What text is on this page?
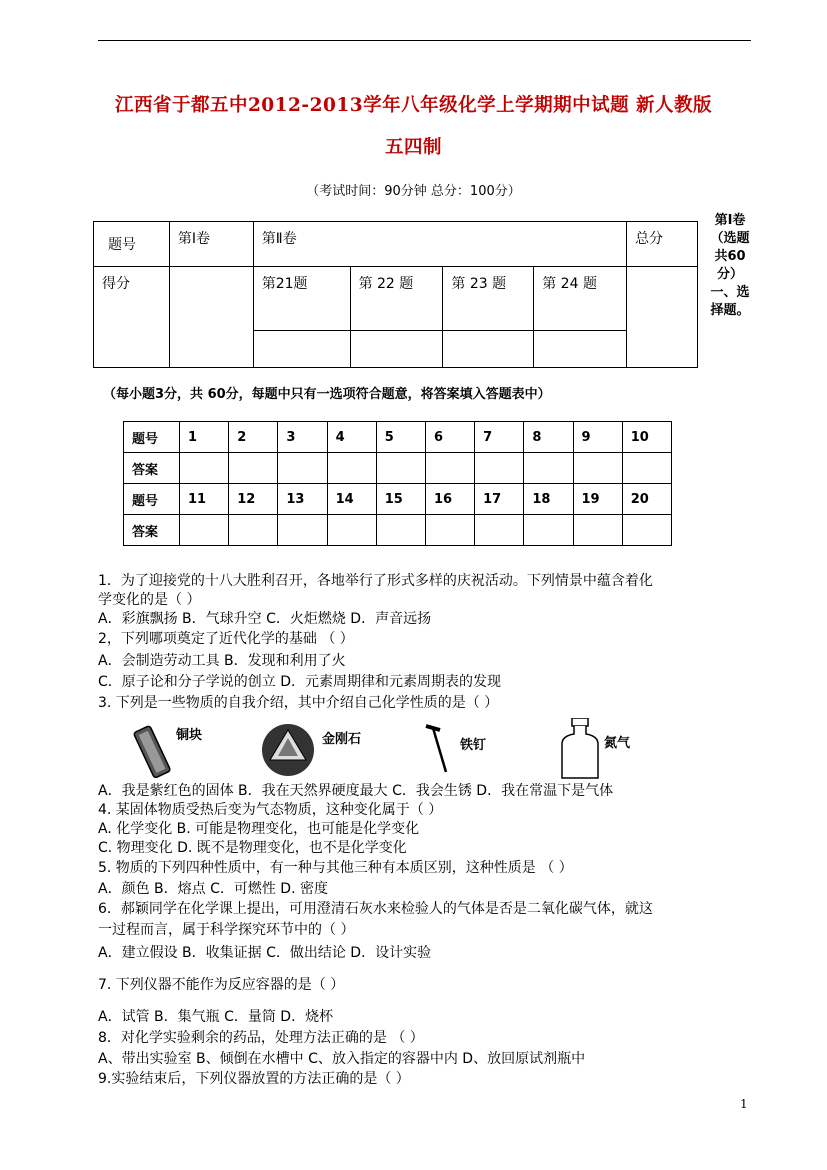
江西省于都五中2012-2013学年八年级化学上学期期中试题 新人教版
五四制
（考试时间：90分钟 总分：100分）
题号	第Ⅰ卷	第Ⅱ卷				总分
得分		第21题	第 22 题	第 23 题	第 24 题	

第Ⅰ卷（选题共60分）一、选择题。
（每小题3分，共 60分，每题中只有一选项符合题意，将答案填入答题表中）
题号	1	2	3	4	5	6	7	8	9	10
答案										
题号	11	12	13	14	15	16	17	18	19	20
答案										
1．为了迎接党的十八大胜利召开，各地举行了形式多样的庆祝活动。下列情景中蕴含着化
学变化的是（ ）
A．彩旗飘扬 B．气球升空 C．火炬燃烧 D．声音远扬
2，下列哪项奠定了近代化学的基础 （ ）
A．会制造劳动工具 B．发现和利用了火
C．原子论和分子学说的创立 D．元素周期律和元素周期表的发现
3. 下列是一些物质的自我介绍，其中介绍自己化学性质的是（ ）
铜块	金刚石	铁钉	氮气
A．我是紫红色的固体 B．我在天然界硬度最大 C．我会生锈 D．我在常温下是气体
4. 某固体物质受热后变为气态物质，这种变化属于（ ）
A. 化学变化 B. 可能是物理变化，也可能是化学变化
C. 物理变化 D. 既不是物理变化，也不是化学变化
5. 物质的下列四种性质中，有一种与其他三种有本质区别，这种性质是 （ ）
A．颜色 B．熔点 C．可燃性 D. 密度
6．郝颖同学在化学课上提出，可用澄清石灰水来检验人的气体是否是二氧化碳气体，就这
一过程而言，属于科学探究环节中的（ ）
A．建立假设 B．收集证据 C．做出结论 D．设计实验
7. 下列仪器不能作为反应容器的是（ ）
A．试管 B．集气瓶 C．量筒 D．烧杯
8．对化学实验剩余的药品，处理方法正确的是 （ ）
A、带出实验室 B、倾倒在水槽中 C、放入指定的容器中内 D、放回原试剂瓶中
9.实验结束后，下列仪器放置的方法正确的是（ ）
1
